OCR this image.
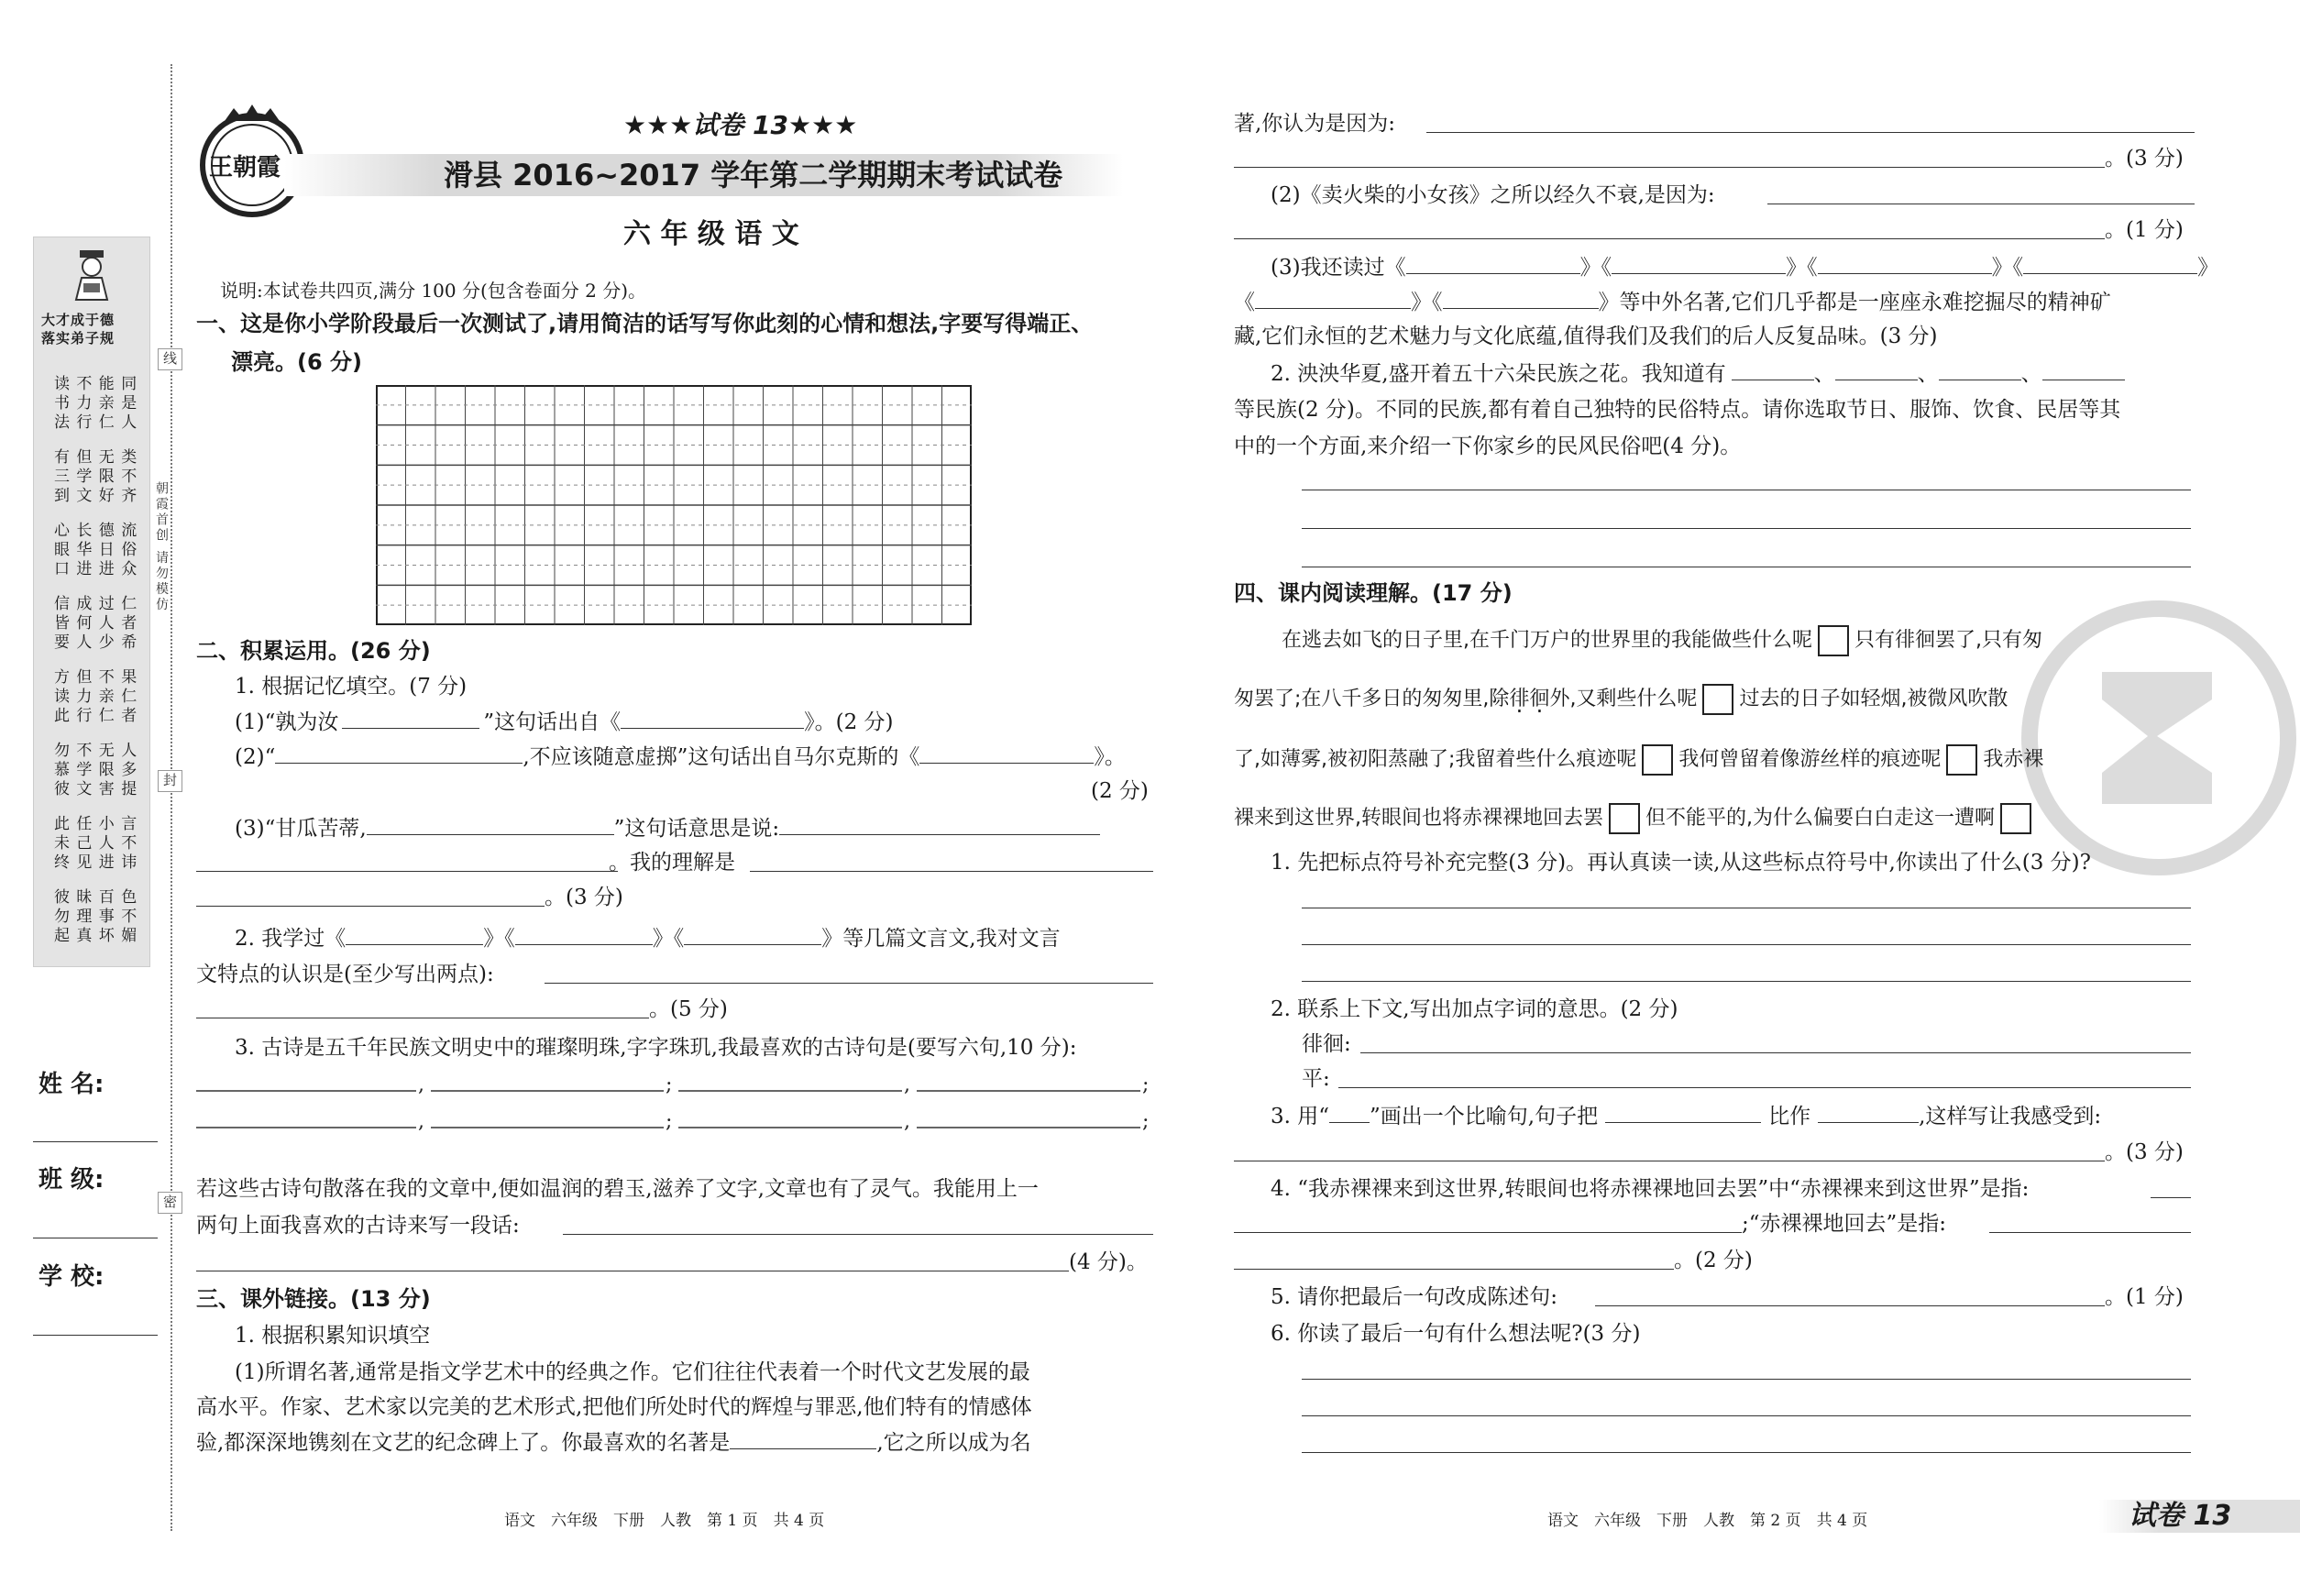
线
封
密
朝霞首创 请勿模仿
大才成于德
落实弟子规
读 不 能 同
书 力 亲 是
法 行 仁 人
有 但 无 类
三 学 限 不
到 文 好 齐
心 长 德 流
眼 华 日 俗
口 进 进 众
信 成 过 仁
皆 何 人 者
要 人 少 希
方 但 不 果
读 力 亲 仁
此 行 仁 者
勿 不 无 人
慕 学 限 多
彼 文 害 提
此 任 小 言
未 己 人 不
终 见 进 讳
彼 昧 百 色
勿 理 事 不
起 真 坏 媚
姓 名:
班 级:
学 校:
王朝霞
★★★试卷 13★★★
滑县 2016~2017 学年第二学期期末考试试卷
六 年 级 语 文
说明:本试卷共四页,满分 100 分(包含卷面分 2 分)。
一、这是你小学阶段最后一次测试了,请用简洁的话写写你此刻的心情和想法,字要写得端正、
漂亮。(6 分)
二、积累运用。(26 分)
1. 根据记忆填空。(7 分)
(1)“孰为汝	”这句话出自《	》。(2 分)
(2)“	,不应该随意虚掷”这句话出自马尔克斯的《	》。
(2 分)
(3)“甘瓜苦蒂,	”这句话意思是说:
。我的理解是
。(3 分)
2. 我学过《	》《	》《	》等几篇文言文,我对文言
文特点的认识是(至少写出两点):
。(5 分)
3. 古诗是五千年民族文明史中的璀璨明珠,字字珠玑,我最喜欢的古诗句是(要写六句,10 分):
,	;	,	;
,	;	,	;
若这些古诗句散落在我的文章中,便如温润的碧玉,滋养了文字,文章也有了灵气。我能用上一
两句上面我喜欢的古诗来写一段话:
(4 分)。
三、课外链接。(13 分)
1. 根据积累知识填空
(1)所谓名著,通常是指文学艺术中的经典之作。它们往往代表着一个时代文艺发展的最
高水平。作家、艺术家以完美的艺术形式,把他们所处时代的辉煌与罪恶,他们特有的情感体
验,都深深地镌刻在文艺的纪念碑上了。你最喜欢的名著是	,它之所以成为名
语文　六年级　下册　人教　第 1 页　共 4 页
著,你认为是因为:
。(3 分)
(2)《卖火柴的小女孩》之所以经久不衰,是因为:
。(1 分)
(3)我还读过《	》《	》《	》《	》
《	》《	》等中外名著,它们几乎都是一座座永难挖掘尽的精神矿
藏,它们永恒的艺术魅力与文化底蕴,值得我们及我们的后人反复品味。(3 分)
2. 泱泱华夏,盛开着五十六朵民族之花。我知道有	、	、	、
等民族(2 分)。不同的民族,都有着自己独特的民俗特点。请你选取节日、服饰、饮食、民居等其
中的一个方面,来介绍一下你家乡的民风民俗吧(4 分)。
四、课内阅读理解。(17 分)
在逃去如飞的日子里,在千门万户的世界里的我能做些什么呢 只有徘徊罢了,只有匆
匆罢了;在八千多日的匆匆里,除徘徊外,又剩些什么呢 过去的日子如轻烟,被微风吹散
了,如薄雾,被初阳蒸融了;我留着些什么痕迹呢 我何曾留着像游丝样的痕迹呢 我赤裸
裸来到这世界,转眼间也将赤裸裸地回去罢 但不能平的,为什么偏要白白走这一遭啊
1. 先把标点符号补充完整(3 分)。再认真读一读,从这些标点符号中,你读出了什么(3 分)?
2. 联系上下文,写出加点字词的意思。(2 分)
徘徊:
平:
3. 用“ ”画出一个比喻句,句子把	比作	,这样写让我感受到:
。(3 分)
4. “我赤裸裸来到这世界,转眼间也将赤裸裸地回去罢”中“赤裸裸来到这世界”是指:
;“赤裸裸地回去”是指:
。(2 分)
5. 请你把最后一句改成陈述句:	。(1 分)
6. 你读了最后一句有什么想法呢?(3 分)
语文　六年级　下册　人教　第 2 页　共 4 页	试卷 13
